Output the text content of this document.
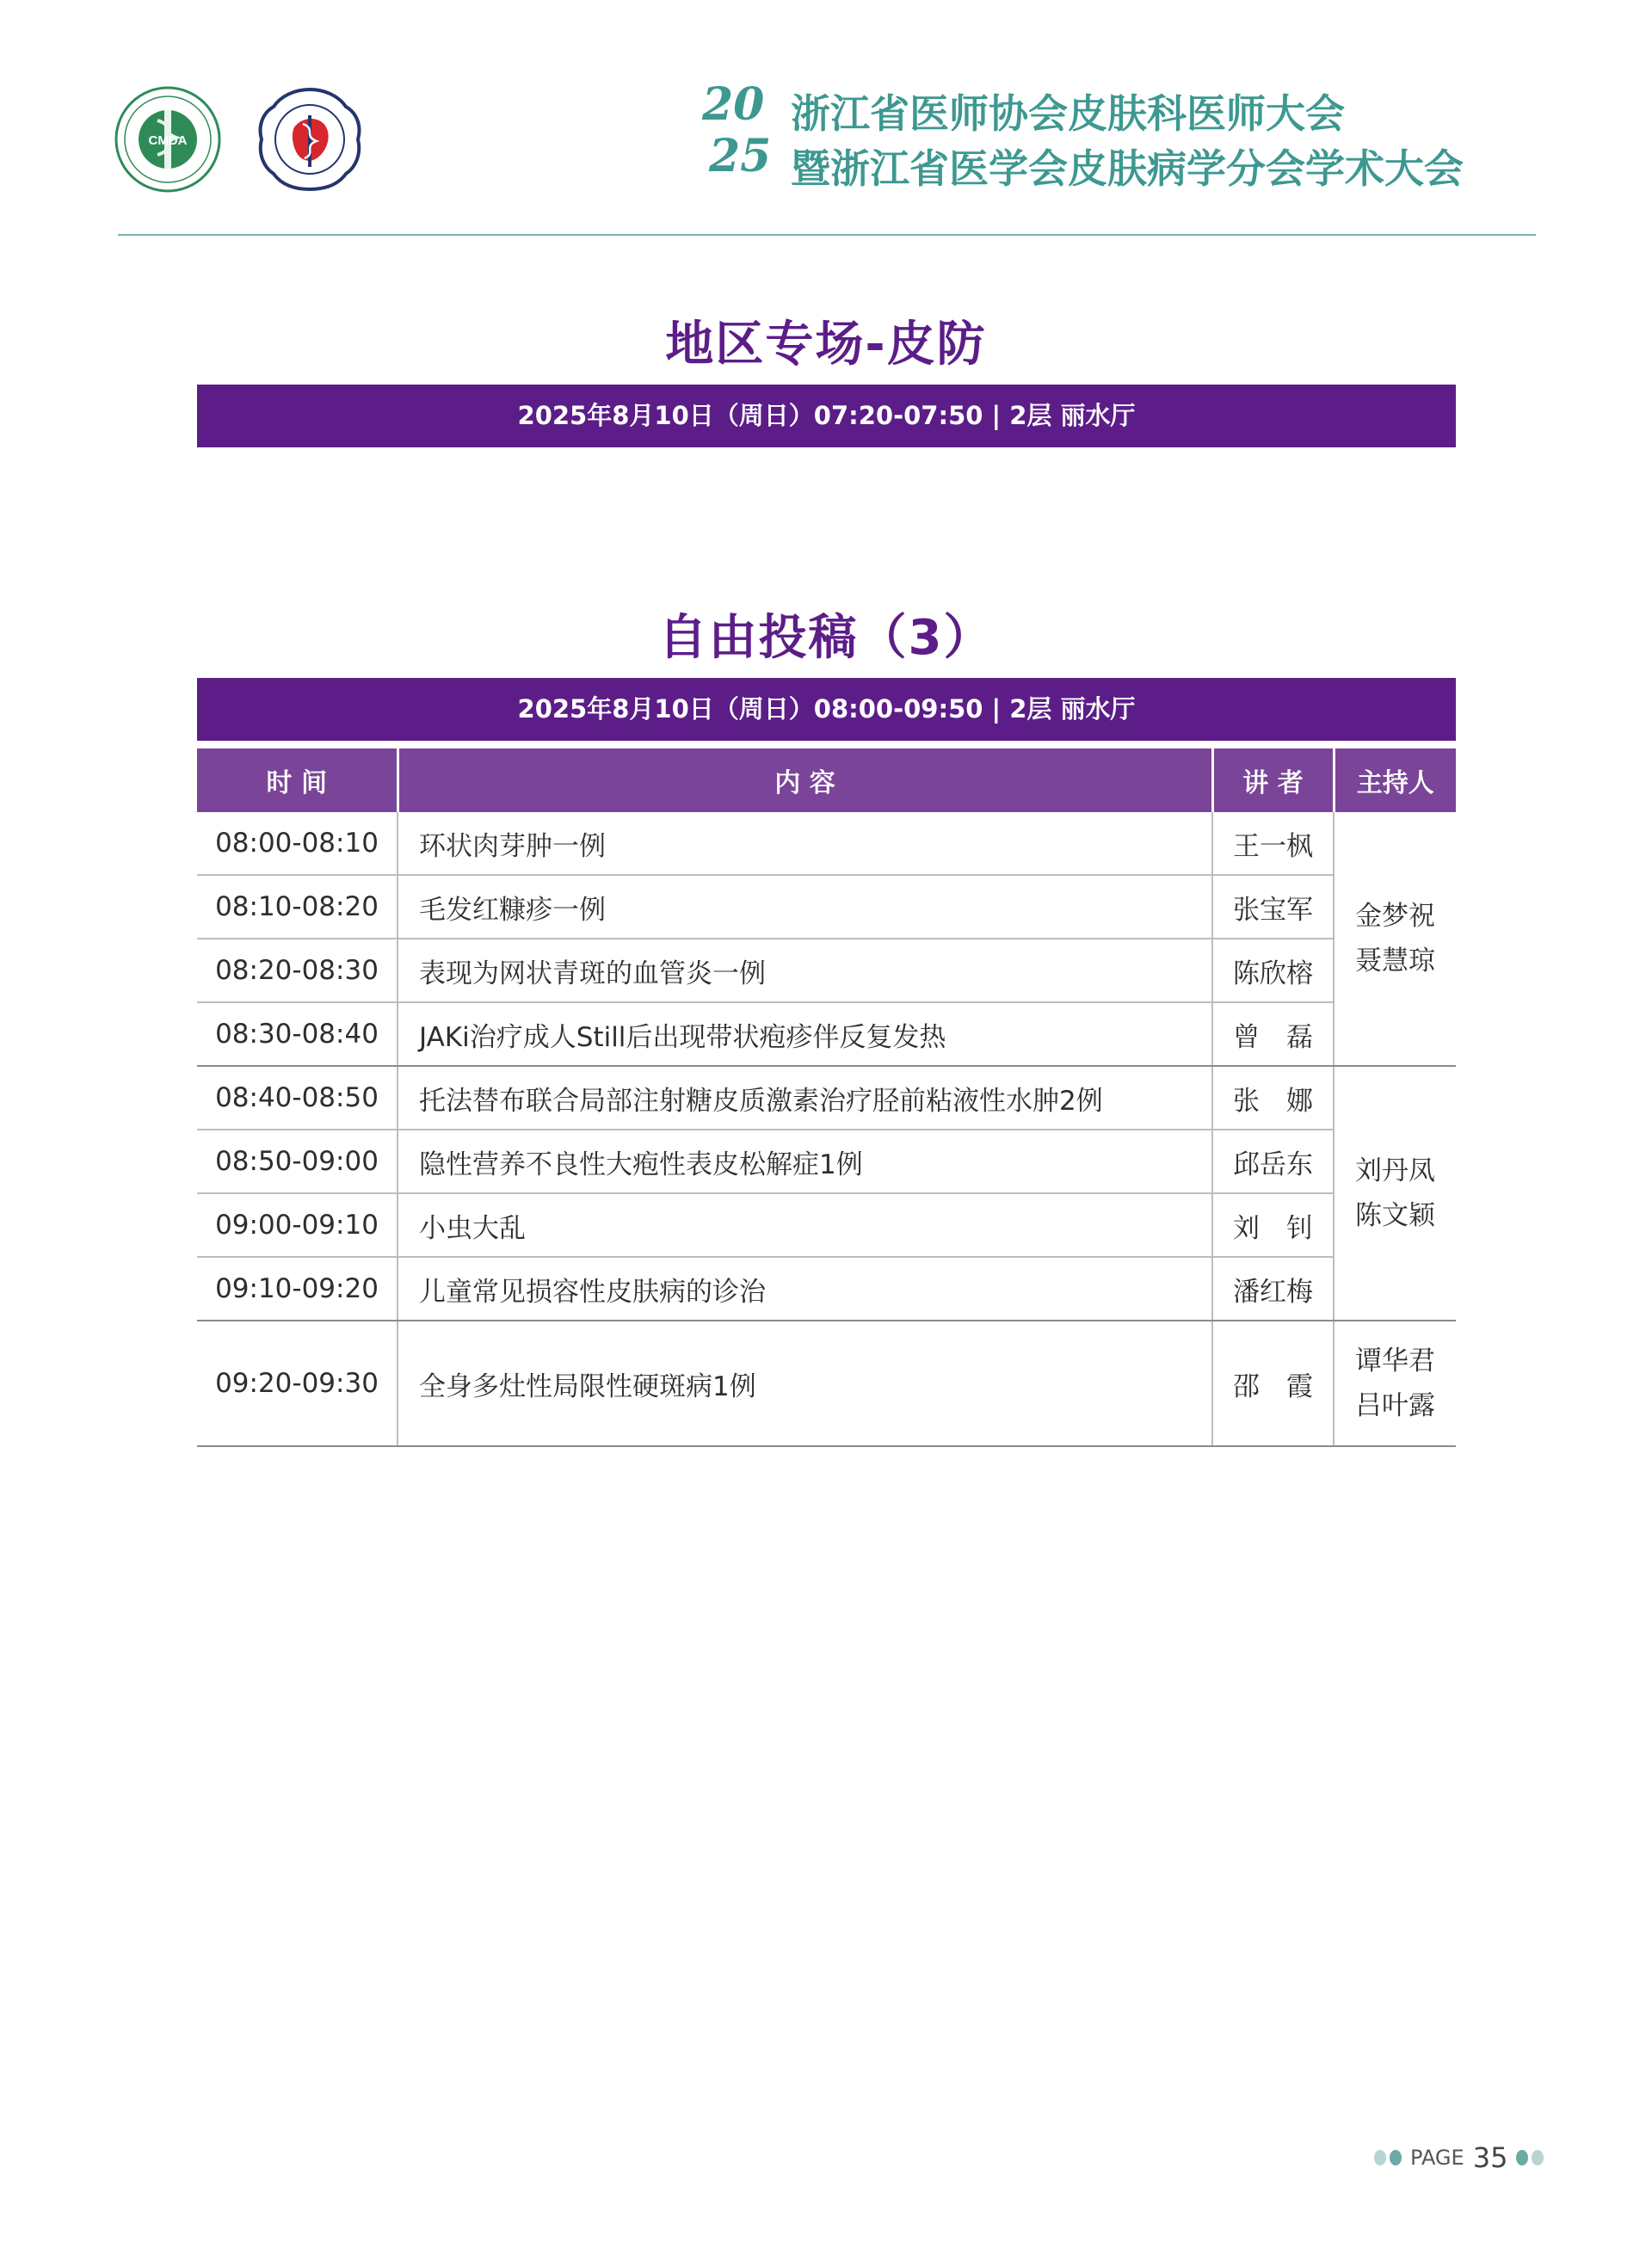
CMDA
20
25
浙江省医师协会皮肤科医师大会
暨浙江省医学会皮肤病学分会学术大会
地区专场-皮防
2025年8月10日（周日）07:20-07:50 | 2层 丽水厅
自由投稿（3）
2025年8月10日（周日）08:00-09:50 | 2层 丽水厅
时 间	内 容	讲 者	主持人
08:00-08:10	环状肉芽肿一例	王一枫	金梦祝
聂慧琼

08:10-08:20	毛发红糠疹一例	张宝军	
08:20-08:30	表现为网状青斑的血管炎一例	陈欣榕	
08:30-08:40	JAKi治疗成人Still后出现带状疱疹伴反复发热	曾　磊	
08:40-08:50	托法替布联合局部注射糖皮质激素治疗胫前粘液性水肿2例	张　娜	刘丹凤
陈文颖

08:50-09:00	隐性营养不良性大疱性表皮松解症1例	邱岳东	
09:00-09:10	小虫大乱	刘　钊	
09:10-09:20	儿童常见损容性皮肤病的诊治	潘红梅	
09:20-09:30	全身多灶性局限性硬斑病1例	邵　霞	谭华君
吕叶露
PAGE 35
